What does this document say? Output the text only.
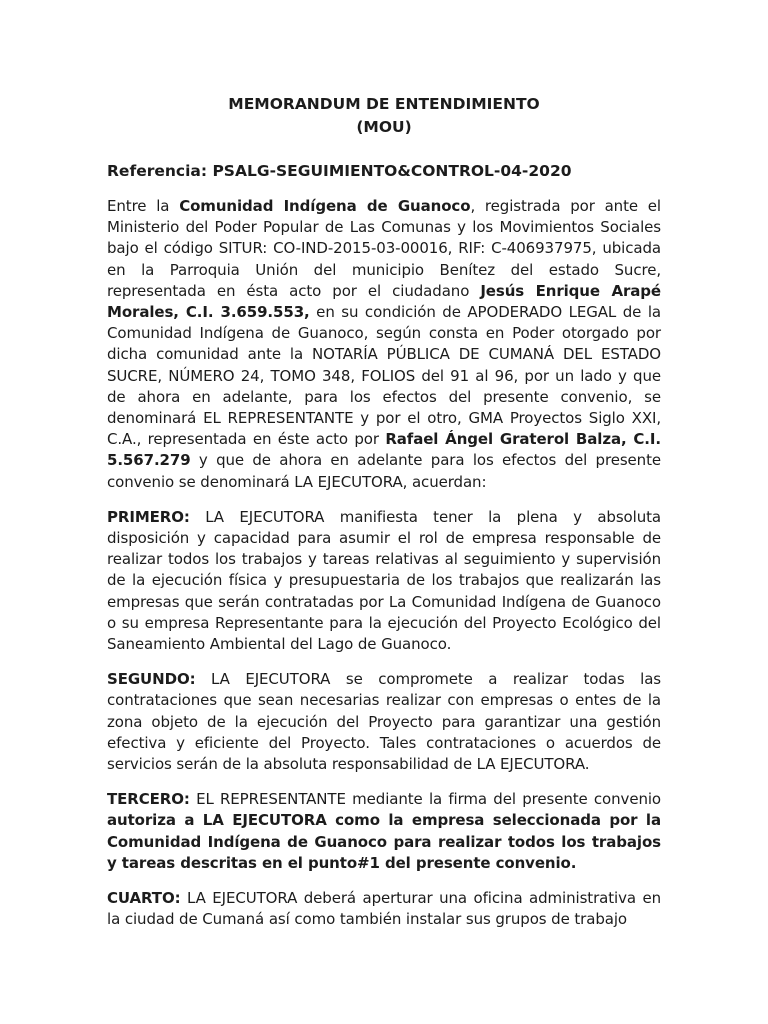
MEMORANDUM DE ENTENDIMIENTO
(MOU)

Referencia: PSALG-SEGUIMIENTO&CONTROL-04-2020

Entre la Comunidad Indígena de Guanoco, registrada por ante el Ministerio del Poder Popular de Las Comunas y los Movimientos Sociales bajo el código SITUR: CO-IND-2015-03-00016, RIF: C-406937975, ubicada en la Parroquia Unión del municipio Benítez del estado Sucre, representada en ésta acto por el ciudadano Jesús Enrique Arapé Morales, C.I. 3.659.553, en su condición de APODERADO LEGAL de la Comunidad Indígena de Guanoco, según consta en Poder otorgado por dicha comunidad ante la NOTARÍA PÚBLICA DE CUMANÁ DEL ESTADO SUCRE, NÚMERO 24, TOMO 348, FOLIOS del 91 al 96, por un lado y que de ahora en adelante, para los efectos del presente convenio, se denominará EL REPRESENTANTE y por el otro, GMA Proyectos Siglo XXI, C.A., representada en éste acto por Rafael Ángel Graterol Balza, C.I. 5.567.279 y que de ahora en adelante para los efectos del presente convenio se denominará LA EJECUTORA, acuerdan:

PRIMERO: LA EJECUTORA manifiesta tener la plena y absoluta disposición y capacidad para asumir el rol de empresa responsable de realizar todos los trabajos y tareas relativas al seguimiento y supervisión de la ejecución física y presupuestaria de los trabajos que realizarán las empresas que serán contratadas por La Comunidad Indígena de Guanoco o su empresa Representante para la ejecución del Proyecto Ecológico del Saneamiento Ambiental del Lago de Guanoco.

SEGUNDO: LA EJECUTORA se compromete a realizar todas las contrataciones que sean necesarias realizar con empresas o entes de la zona objeto de la ejecución del Proyecto para garantizar una gestión efectiva y eficiente del Proyecto. Tales contrataciones o acuerdos de servicios serán de la absoluta responsabilidad de LA EJECUTORA.

TERCERO: EL REPRESENTANTE mediante la firma del presente convenio autoriza a LA EJECUTORA como la empresa seleccionada por la Comunidad Indígena de Guanoco para realizar todos los trabajos y tareas descritas en el punto#1 del presente convenio.

CUARTO: LA EJECUTORA deberá aperturar una oficina administrativa en la ciudad de Cumaná así como también instalar sus grupos de trabajo
